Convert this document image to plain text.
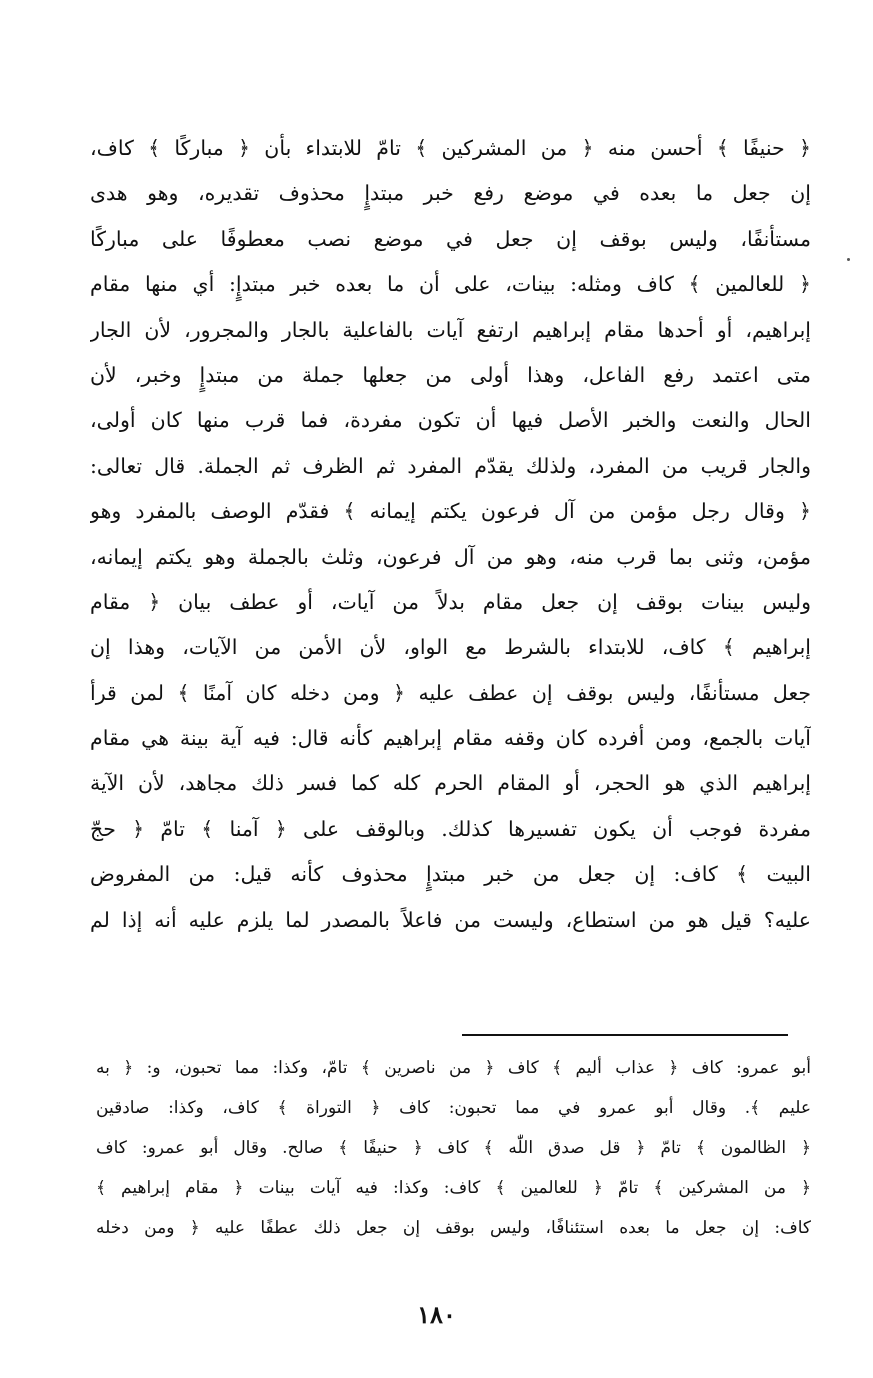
﴿ حنيفًا ﴾ أحسن منه ﴿ من المشركين ﴾ تامّ للابتداء بأن ﴿ مباركًا ﴾ كاف،
إن جعل ما بعده في موضع رفع خبر مبتدإٍ محذوف تقديره، وهو هدى
مستأنفًا، وليس بوقف إن جعل في موضع نصب معطوفًا على مباركًا
﴿ للعالمين ﴾ كاف ومثله: بينات، على أن ما بعده خبر مبتدإٍ: أي منها مقام
إبراهيم، أو أحدها مقام إبراهيم ارتفع آيات بالفاعلية بالجار والمجرور، لأن الجار
متى اعتمد رفع الفاعل، وهذا أولى من جعلها جملة من مبتدإٍ وخبر، لأن
الحال والنعت والخبر الأصل فيها أن تكون مفردة، فما قرب منها كان أولى،
والجار قريب من المفرد، ولذلك يقدّم المفرد ثم الظرف ثم الجملة. قال تعالى:
﴿ وقال رجل مؤمن من آل فرعون يكتم إيمانه ﴾ فقدّم الوصف بالمفرد وهو
مؤمن، وثنى بما قرب منه، وهو من آل فرعون، وثلث بالجملة وهو يكتم إيمانه،
وليس بينات بوقف إن جعل مقام بدلاً من آيات، أو عطف بيان ﴿ مقام
إبراهيم ﴾ كاف، للابتداء بالشرط مع الواو، لأن الأمن من الآيات، وهذا إن
جعل مستأنفًا، وليس بوقف إن عطف عليه ﴿ ومن دخله كان آمنًا ﴾ لمن قرأ
آيات بالجمع، ومن أفرده كان وقفه مقام إبراهيم كأنه قال: فيه آية بينة هي مقام
إبراهيم الذي هو الحجر، أو المقام الحرم كله كما فسر ذلك مجاهد، لأن الآية
مفردة فوجب أن يكون تفسيرها كذلك. وبالوقف على ﴿ آمنا ﴾ تامّ ﴿ حجّ
البيت ﴾ كاف: إن جعل من خبر مبتدإٍ محذوف كأنه قيل: من المفروض
عليه؟ قيل هو من استطاع، وليست من فاعلاً بالمصدر لما يلزم عليه أنه إذا لم
أبو عمرو: كاف ﴿ عذاب أليم ﴾ كاف ﴿ من ناصرين ﴾ تامّ، وكذا: مما تحبون، و: ﴿ به
عليم ﴾. وقال أبو عمرو في مما تحبون: كاف ﴿ التوراة ﴾ كاف، وكذا: صادقين
﴿ الظالمون ﴾ تامّ ﴿ قل صدق اللّٰه ﴾ كاف ﴿ حنيفًا ﴾ صالح. وقال أبو عمرو: كاف
﴿ من المشركين ﴾ تامّ ﴿ للعالمين ﴾ كاف: وكذا: فيه آيات بينات ﴿ مقام إبراهيم ﴾
كاف: إن جعل ما بعده استئنافًا، وليس بوقف إن جعل ذلك عطفًا عليه ﴿ ومن دخله
١٨٠
